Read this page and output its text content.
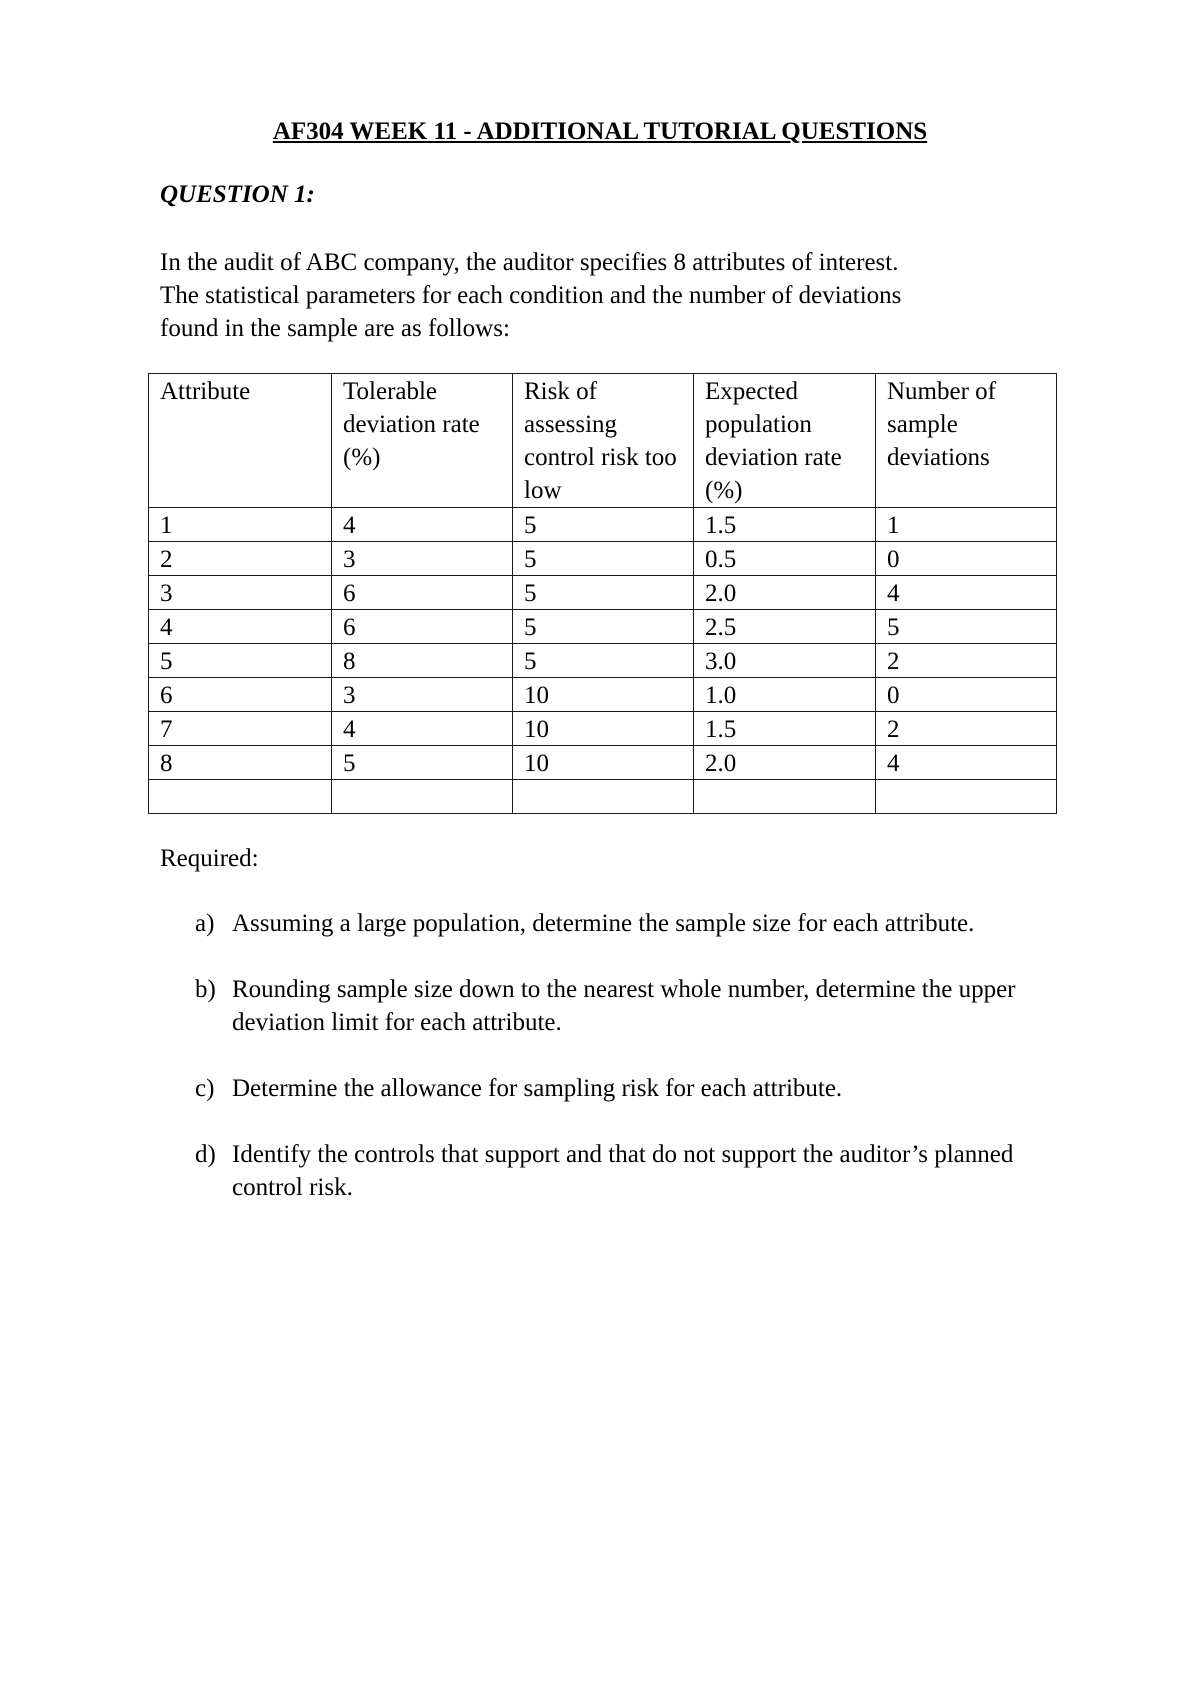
AF304 WEEK 11 - ADDITIONAL TUTORIAL QUESTIONS
QUESTION 1:

In the audit of ABC company, the auditor specifies 8 attributes of interest.

The statistical parameters for each condition and the number of deviations

found in the sample are as follows:

Attribute	Tolerable deviation rate (%)	Risk of assessing control risk too low	Expected population deviation rate (%)	Number of sample deviations
1	4	5	1.5	1
2	3	5	0.5	0
3	6	5	2.0	4
4	6	5	2.5	5
5	8	5	3.0	2
6	3	10	1.0	0
7	4	10	1.5	2
8	5	10	2.0	4

Required:
a) Assuming a large population, determine the sample size for each attribute.
b) Rounding sample size down to the nearest whole number, determine the upper deviation limit for each attribute.
c) Determine the allowance for sampling risk for each attribute.
d) Identify the controls that support and that do not support the auditor’s planned control risk.
